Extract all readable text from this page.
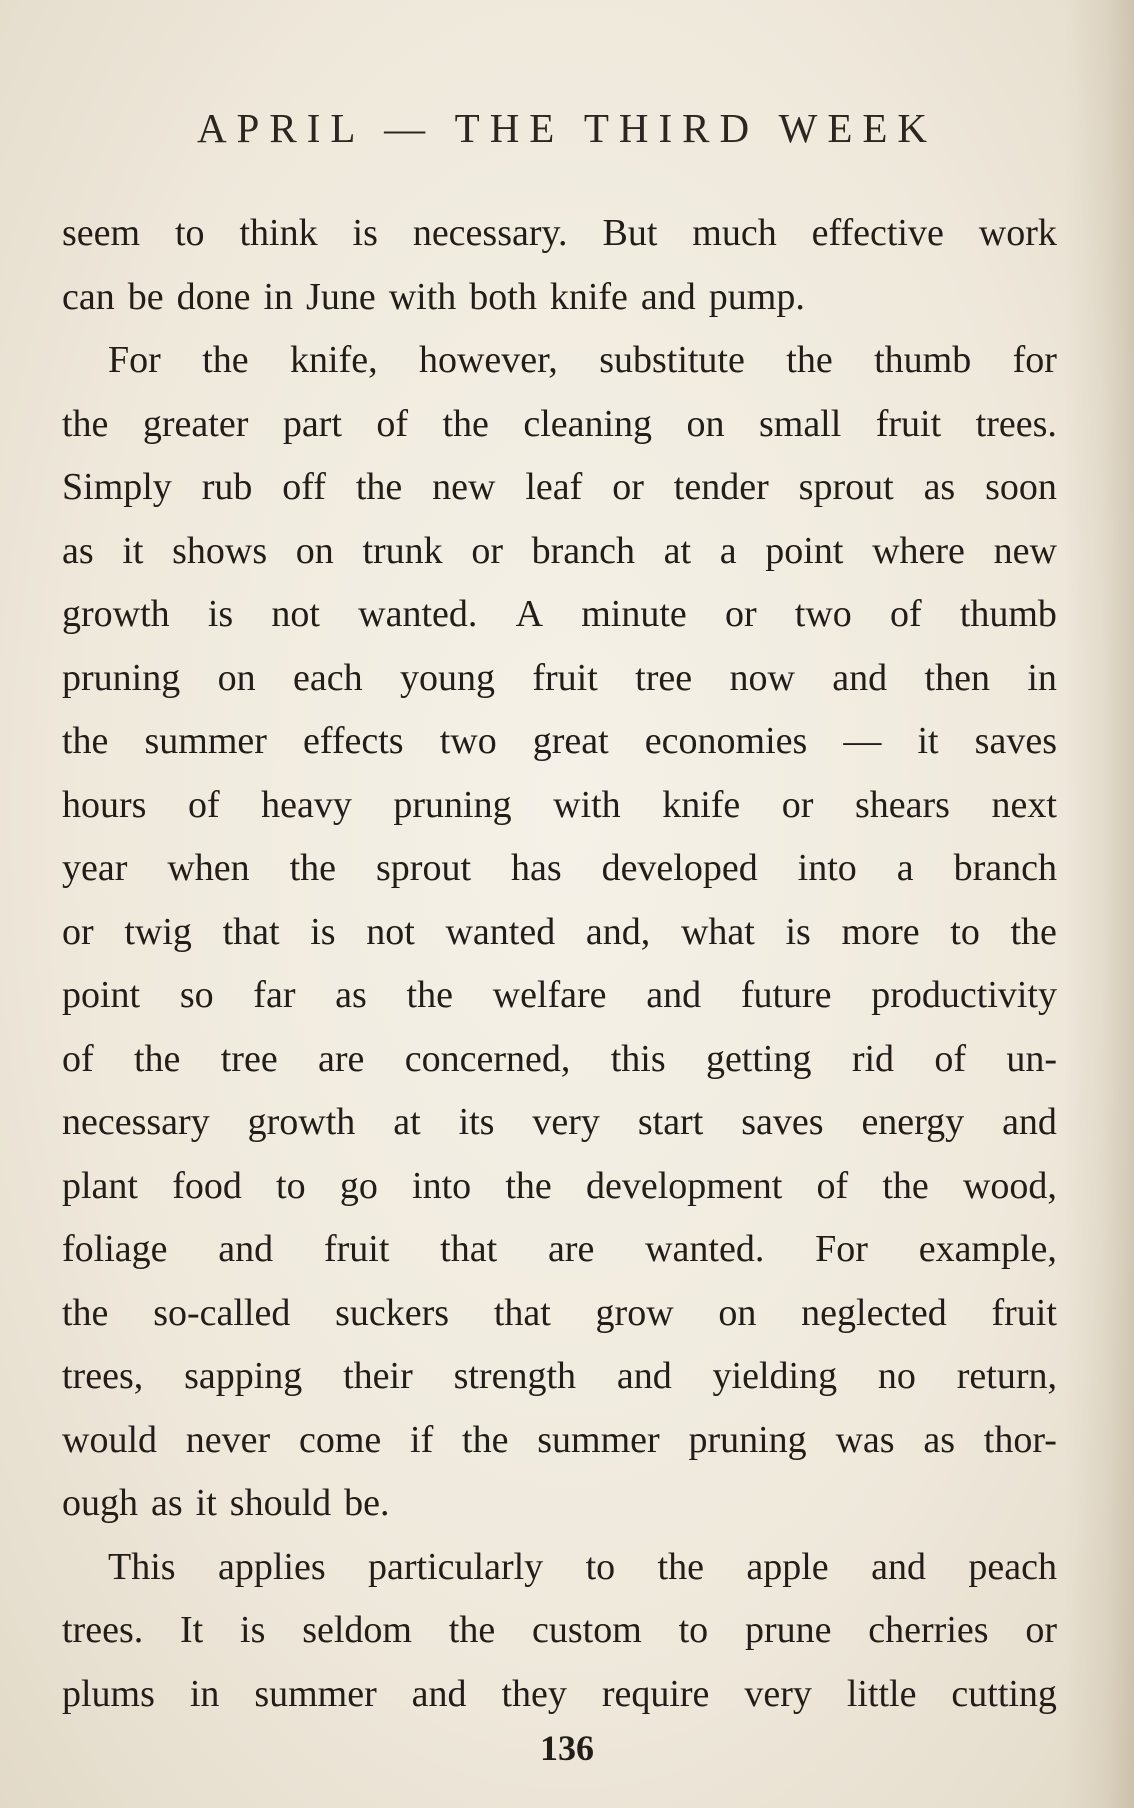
APRIL — THE THIRD WEEK
seem to think is necessary. But much effective work
can be done in June with both knife and pump.
For the knife, however, substitute the thumb for
the greater part of the cleaning on small fruit trees.
Simply rub off the new leaf or tender sprout as soon
as it shows on trunk or branch at a point where new
growth is not wanted. A minute or two of thumb
pruning on each young fruit tree now and then in
the summer effects two great economies — it saves
hours of heavy pruning with knife or shears next
year when the sprout has developed into a branch
or twig that is not wanted and, what is more to the
point so far as the welfare and future productivity
of the tree are concerned, this getting rid of un-
necessary growth at its very start saves energy and
plant food to go into the development of the wood,
foliage and fruit that are wanted. For example,
the so-called suckers that grow on neglected fruit
trees, sapping their strength and yielding no return,
would never come if the summer pruning was as thor-
ough as it should be.
This applies particularly to the apple and peach
trees. It is seldom the custom to prune cherries or
plums in summer and they require very little cutting
136
